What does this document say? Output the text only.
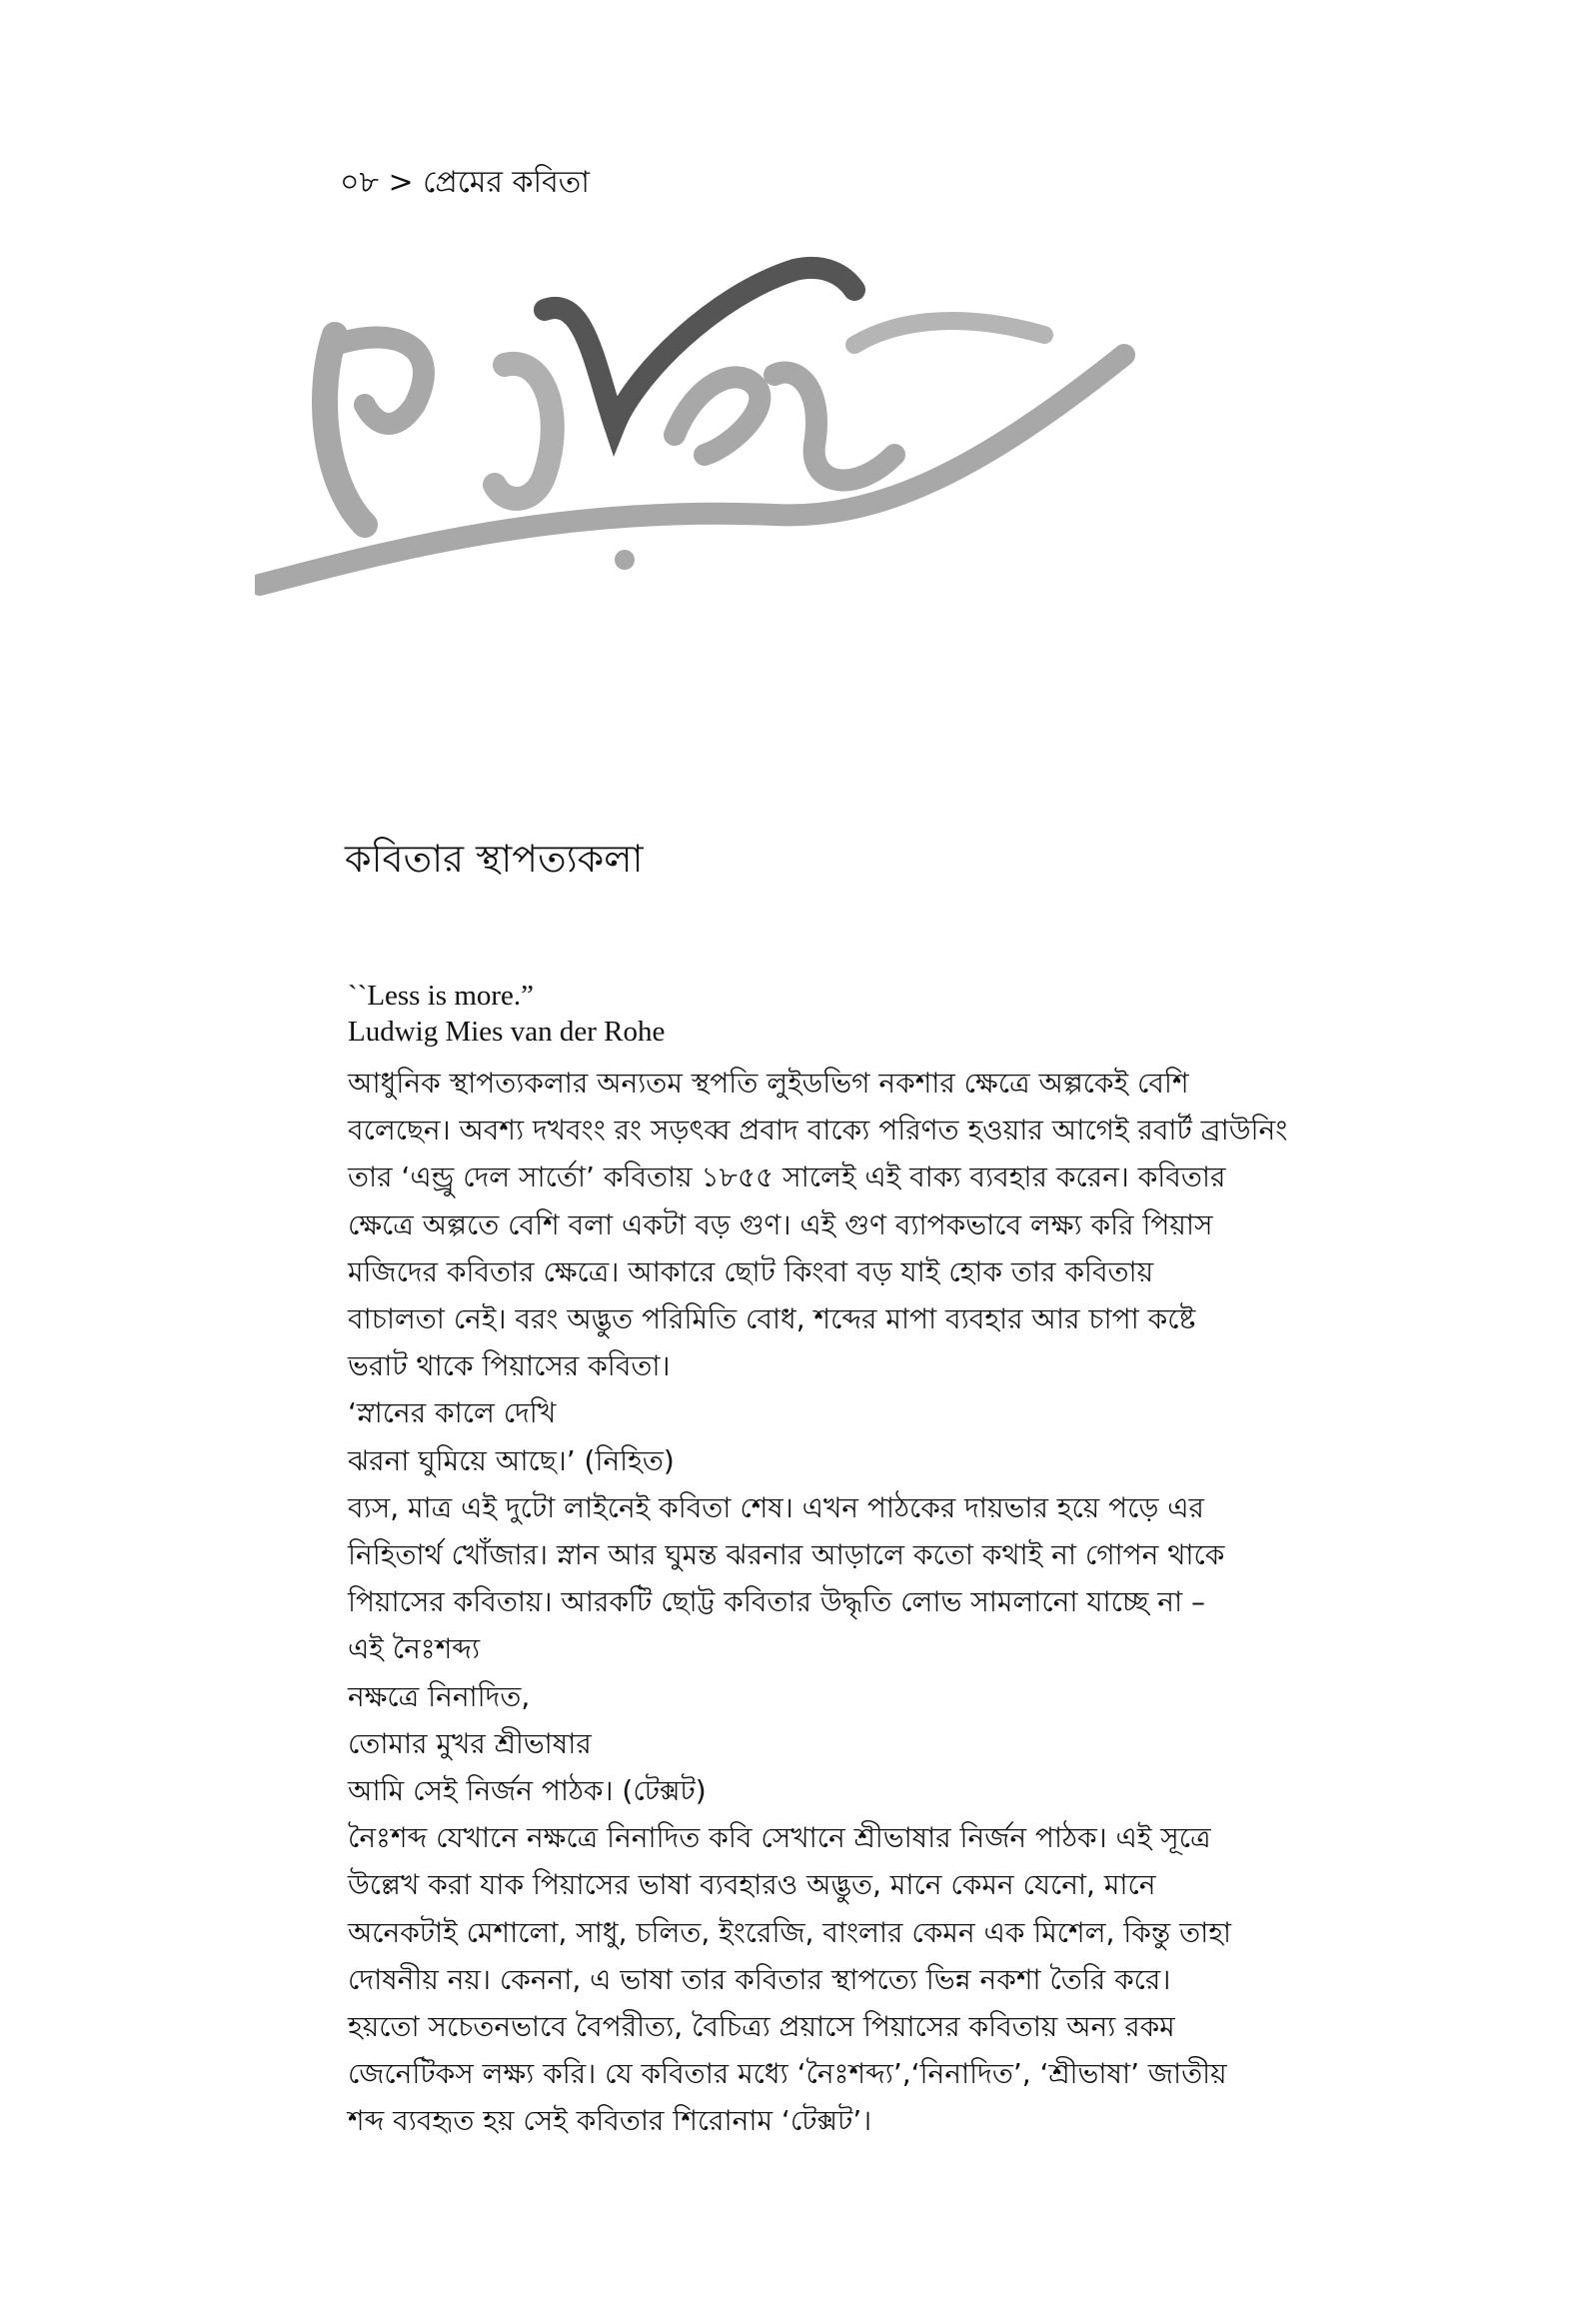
০৮ > প্রেমের কবিতা
কবিতার স্থাপত্যকলা
``Less is more.”
Ludwig Mies van der Rohe
আধুনিক স্থাপত্যকলার অন্যতম স্থপতি লুইডভিগ নকশার ক্ষেত্রে অল্পকেই বেশি
বলেছেন। অবশ্য দখবংং রং সড়ৎব্ব প্রবাদ বাক্যে পরিণত হওয়ার আগেই রবার্ট ব্রাউনিং
তার ‘এন্ড্রু দেল সার্তো’ কবিতায় ১৮৫৫ সালেই এই বাক্য ব্যবহার করেন। কবিতার
ক্ষেত্রে অল্পতে বেশি বলা একটা বড় গুণ। এই গুণ ব্যাপকভাবে লক্ষ্য করি পিয়াস
মজিদের কবিতার ক্ষেত্রে। আকারে ছোট কিংবা বড় যাই হোক তার কবিতায়
বাচালতা নেই। বরং অদ্ভুত পরিমিতি বোধ, শব্দের মাপা ব্যবহার আর চাপা কষ্টে
ভরাট থাকে পিয়াসের কবিতা।
‘স্নানের কালে দেখি
ঝরনা ঘুমিয়ে আছে।’ (নিহিত)
ব্যস, মাত্র এই দুটো লাইনেই কবিতা শেষ। এখন পাঠকের দায়ভার হয়ে পড়ে এর
নিহিতার্থ খোঁজার। স্নান আর ঘুমন্ত ঝরনার আড়ালে কতো কথাই না গোপন থাকে
পিয়াসের কবিতায়। আরকটি ছোট্ট কবিতার উদ্ধৃতি লোভ সামলানো যাচ্ছে না –
এই নৈঃশব্দ্য
নক্ষত্রে নিনাদিত,
তোমার মুখর শ্রীভাষার
আমি সেই নির্জন পাঠক। (টেক্সট)
নৈঃশব্দ যেখানে নক্ষত্রে নিনাদিত কবি সেখানে শ্রীভাষার নির্জন পাঠক। এই সূত্রে
উল্লেখ করা যাক পিয়াসের ভাষা ব্যবহারও অদ্ভুত, মানে কেমন যেনো, মানে
অনেকটাই মেশালো, সাধু, চলিত, ইংরেজি, বাংলার কেমন এক মিশেল, কিন্তু তাহা
দোষনীয় নয়। কেননা, এ ভাষা তার কবিতার স্থাপত্যে ভিন্ন নকশা তৈরি করে।
হয়তো সচেতনভাবে বৈপরীত্য, বৈচিত্র্য প্রয়াসে পিয়াসের কবিতায় অন্য রকম
জেনেটিকস লক্ষ্য করি। যে কবিতার মধ্যে ‘নৈঃশব্দ্য’,‘নিনাদিত’, ‘শ্রীভাষা’ জাতীয়
শব্দ ব্যবহৃত হয় সেই কবিতার শিরোনাম ‘টেক্সট’।
